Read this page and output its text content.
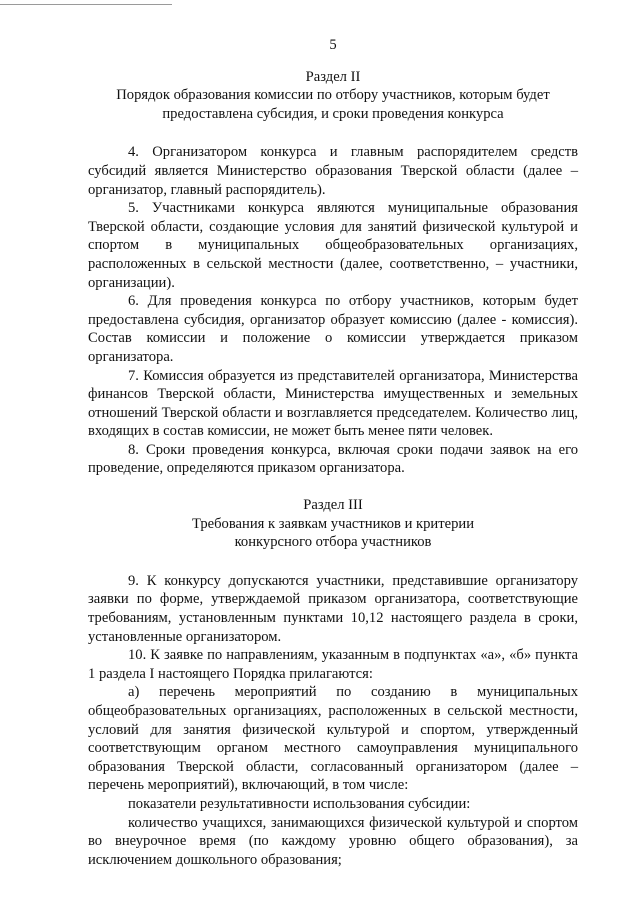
5
Раздел II
Порядок образования комиссии по отбору участников, которым будет
предоставлена субсидия, и сроки проведения конкурса

4. Организатором конкурса и главным распорядителем средств субсидий является Министерство образования Тверской области (далее – организатор, главный распорядитель).

5. Участниками конкурса являются муниципальные образования Тверской области, создающие условия для занятий физической культурой и спортом в муниципальных общеобразовательных организациях, расположенных в сельской местности (далее, соответственно, – участники, организации).

6. Для проведения конкурса по отбору участников, которым будет предоставлена субсидия, организатор образует комиссию (далее - комиссия). Состав комиссии и положение о комиссии утверждается приказом организатора.

7. Комиссия образуется из представителей организатора, Министерства финансов Тверской области, Министерства имущественных и земельных отношений Тверской области и возглавляется председателем. Количество лиц, входящих в состав комиссии, не может быть менее пяти человек.

8. Сроки проведения конкурса, включая сроки подачи заявок на его проведение, определяются приказом организатора.

Раздел III
Требования к заявкам участников и критерии
конкурсного отбора участников

9. К конкурсу допускаются участники, представившие организатору заявки по форме, утверждаемой приказом организатора, соответствующие требованиям, установленным пунктами 10,12 настоящего раздела в сроки, установленные организатором.

10. К заявке по направлениям, указанным в подпунктах «а», «б» пункта 1 раздела I настоящего Порядка прилагаются:

а) перечень мероприятий по созданию в муниципальных общеобразовательных организациях, расположенных в сельской местности, условий для занятия физической культурой и спортом, утвержденный соответствующим органом местного самоуправления муниципального образования Тверской области, согласованный организатором (далее – перечень мероприятий), включающий, в том числе:

показатели результативности использования субсидии:

количество учащихся, занимающихся физической культурой и спортом во внеурочное время (по каждому уровню общего образования), за исключением дошкольного образования;
